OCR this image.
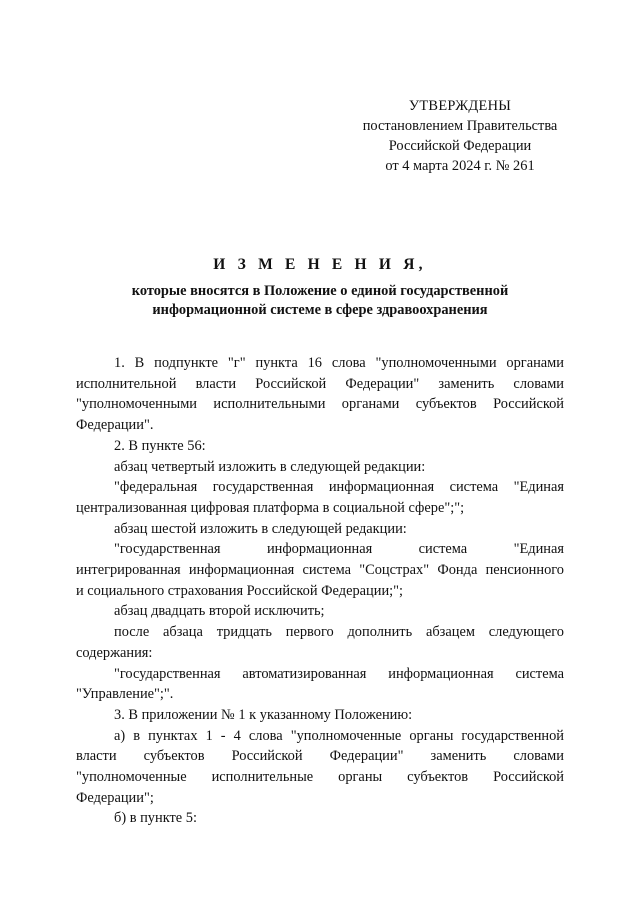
УТВЕРЖДЕНЫ
постановлением Правительства
Российской Федерации
от 4 марта 2024 г. № 261
И З М Е Н Е Н И Я,
которые вносятся в Положение о единой государственной
информационной системе в сфере здравоохранения
1. В подпункте "г" пункта 16 слова "уполномоченными органами
исполнительной власти Российской Федерации" заменить словами
"уполномоченными исполнительными органами субъектов Российской
Федерации".
2. В пункте 56:
абзац четвертый изложить в следующей редакции:
"федеральная государственная информационная система "Единая
централизованная цифровая платформа в социальной сфере";";
абзац шестой изложить в следующей редакции:
"государственная информационная система "Единая
интегрированная информационная система "Соцстрах" Фонда пенсионного
и социального страхования Российской Федерации;";
абзац двадцать второй исключить;
после абзаца тридцать первого дополнить абзацем следующего
содержания:
"государственная автоматизированная информационная система
"Управление";".
3. В приложении № 1 к указанному Положению:
а) в пунктах 1 - 4 слова "уполномоченные органы государственной
власти субъектов Российской Федерации" заменить словами
"уполномоченные исполнительные органы субъектов Российской
Федерации";
б) в пункте 5:
